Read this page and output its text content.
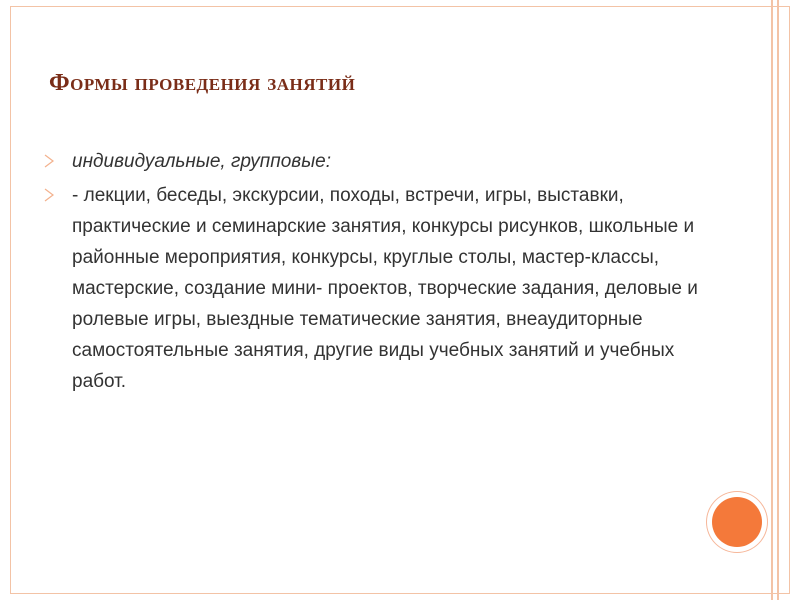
Формы проведения занятий
индивидуальные, групповые:
- лекции, беседы, экскурсии, походы, встречи, игры, выставки, практические и семинарские занятия, конкурсы рисунков, школьные и районные мероприятия, конкурсы, круглые столы, мастер-классы, мастерские, создание мини- проектов, творческие задания, деловые и ролевые игры, выездные тематические занятия, внеаудиторные самостоятельные занятия, другие виды учебных занятий и учебных работ.
